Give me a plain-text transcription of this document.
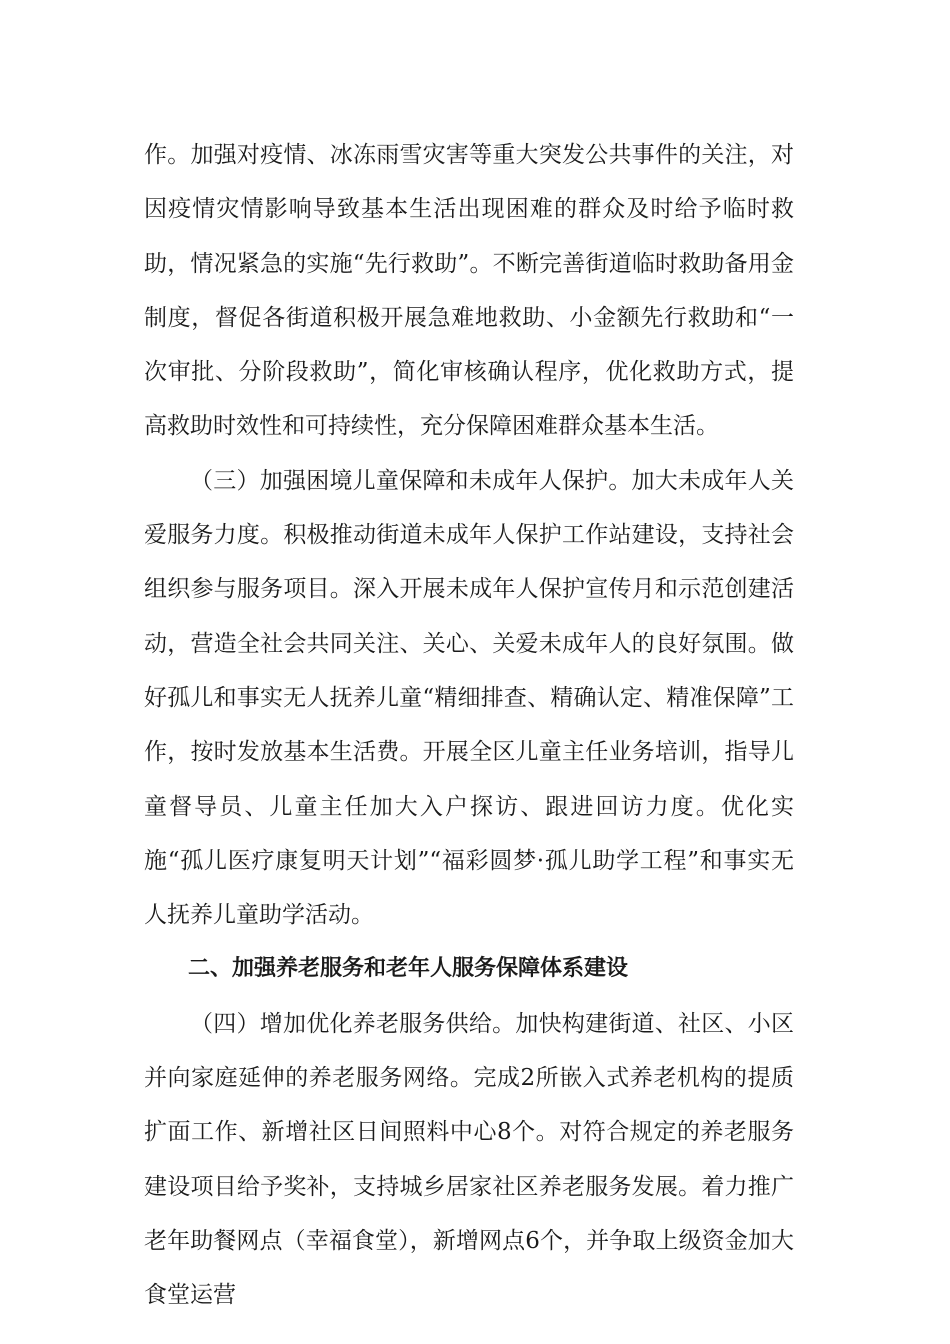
作。加强对疫情、冰冻雨雪灾害等重大突发公共事件的关注，对因疫情灾情影响导致基本生活出现困难的群众及时给予临时救助，情况紧急的实施“先行救助”。不断完善街道临时救助备用金制度，督促各街道积极开展急难地救助、小金额先行救助和“一次审批、分阶段救助”，简化审核确认程序，优化救助方式，提高救助时效性和可持续性，充分保障困难群众基本生活。

（三）加强困境儿童保障和未成年人保护。加大未成年人关爱服务力度。积极推动街道未成年人保护工作站建设，支持社会组织参与服务项目。深入开展未成年人保护宣传月和示范创建活动，营造全社会共同关注、关心、关爱未成年人的良好氛围。做好孤儿和事实无人抚养儿童“精细排查、精确认定、精准保障”工作，按时发放基本生活费。开展全区儿童主任业务培训，指导儿童督导员、儿童主任加大入户探访、跟进回访力度。优化实施“孤儿医疗康复明天计划”“福彩圆梦·孤儿助学工程”和事实无人抚养儿童助学活动。

二、加强养老服务和老年人服务保障体系建设

（四）增加优化养老服务供给。加快构建街道、社区、小区并向家庭延伸的养老服务网络。完成2所嵌入式养老机构的提质扩面工作、新增社区日间照料中心8个。对符合规定的养老服务建设项目给予奖补，支持城乡居家社区养老服务发展。着力推广老年助餐网点（幸福食堂），新增网点6个，并争取上级资金加大食堂运营
